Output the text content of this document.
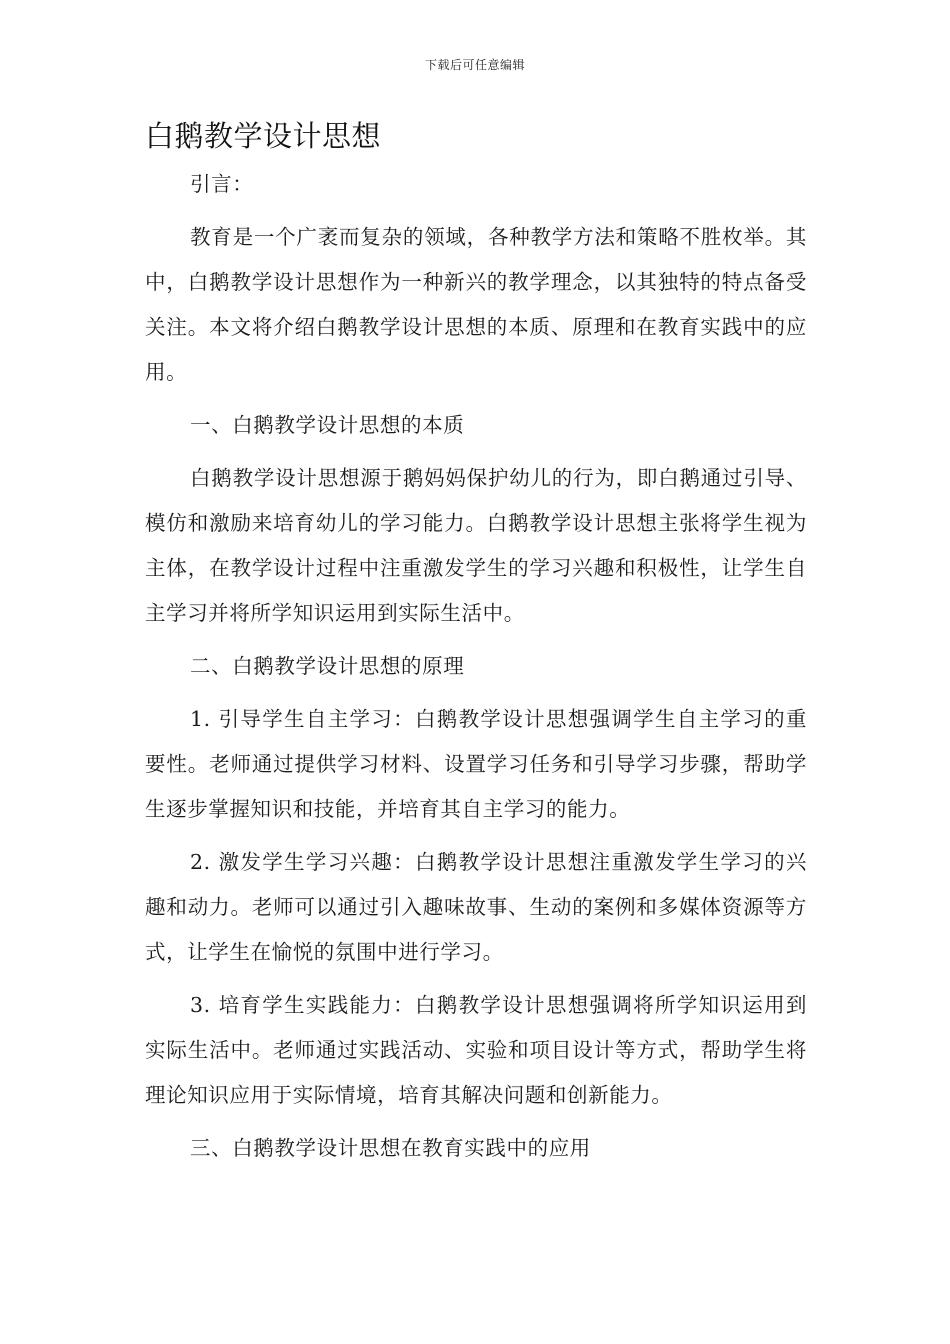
下载后可任意编辑
白鹅教学设计思想

引言：

教育是一个广袤而复杂的领域，各种教学方法和策略不胜枚举。其中，白鹅教学设计思想作为一种新兴的教学理念，以其独特的特点备受关注。本文将介绍白鹅教学设计思想的本质、原理和在教育实践中的应用。

一、白鹅教学设计思想的本质

白鹅教学设计思想源于鹅妈妈保护幼儿的行为，即白鹅通过引导、模仿和激励来培育幼儿的学习能力。白鹅教学设计思想主张将学生视为主体，在教学设计过程中注重激发学生的学习兴趣和积极性，让学生自主学习并将所学知识运用到实际生活中。

二、白鹅教学设计思想的原理

1. 引导学生自主学习：白鹅教学设计思想强调学生自主学习的重要性。老师通过提供学习材料、设置学习任务和引导学习步骤，帮助学生逐步掌握知识和技能，并培育其自主学习的能力。

2. 激发学生学习兴趣：白鹅教学设计思想注重激发学生学习的兴趣和动力。老师可以通过引入趣味故事、生动的案例和多媒体资源等方式，让学生在愉悦的氛围中进行学习。

3. 培育学生实践能力：白鹅教学设计思想强调将所学知识运用到实际生活中。老师通过实践活动、实验和项目设计等方式，帮助学生将理论知识应用于实际情境，培育其解决问题和创新能力。

三、白鹅教学设计思想在教育实践中的应用
